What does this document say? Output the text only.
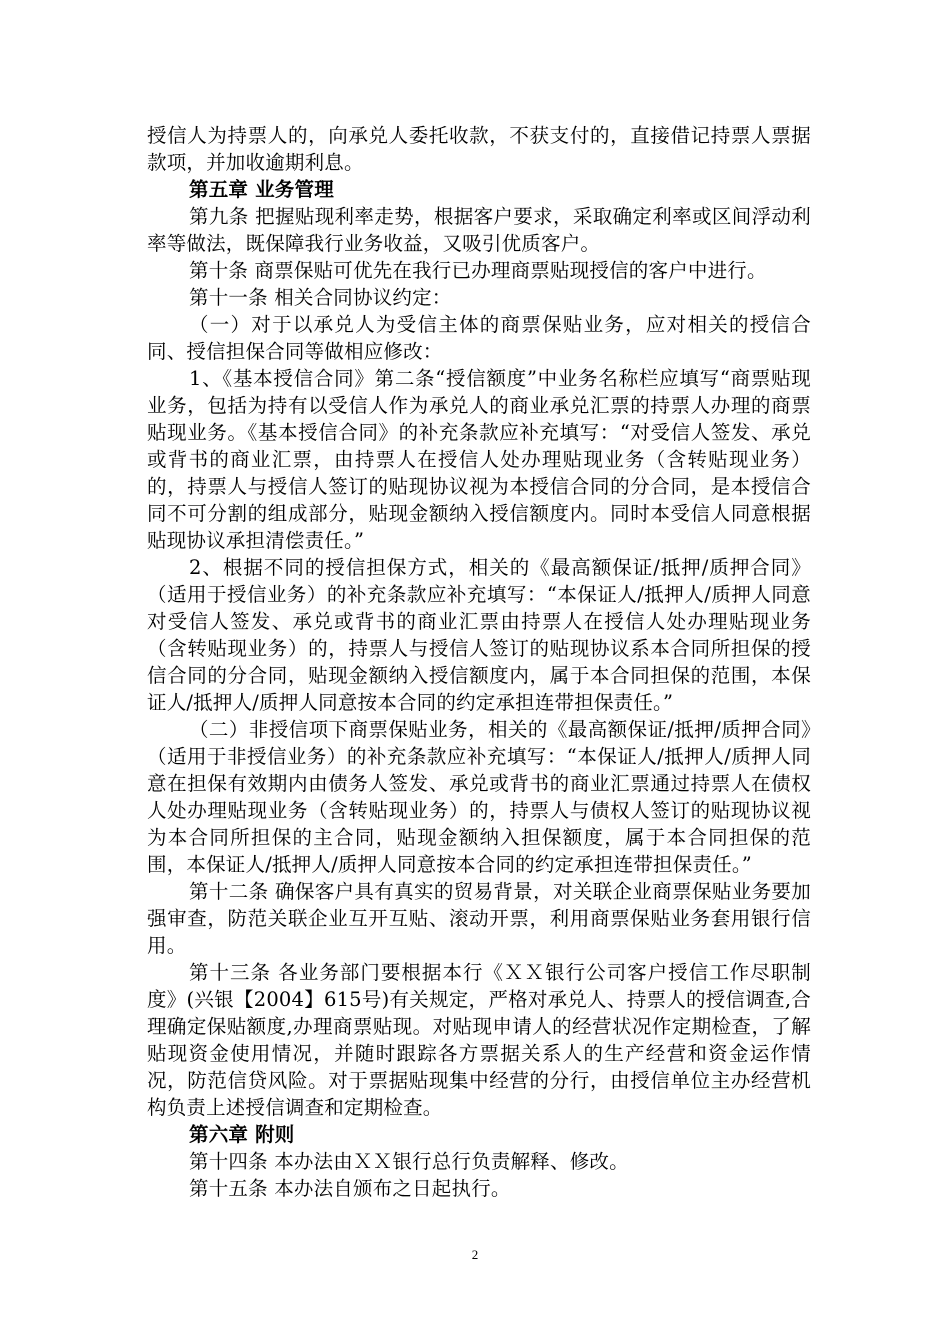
授信人为持票人的，向承兑人委托收款，不获支付的，直接借记持票人票据款项，并加收逾期利息。

第五章 业务管理

第九条 把握贴现利率走势，根据客户要求，采取确定利率或区间浮动利率等做法，既保障我行业务收益，又吸引优质客户。

第十条 商票保贴可优先在我行已办理商票贴现授信的客户中进行。

第十一条 相关合同协议约定：

（一）对于以承兑人为受信主体的商票保贴业务，应对相关的授信合同、授信担保合同等做相应修改：

1、《基本授信合同》第二条“授信额度”中业务名称栏应填写“商票贴现业务，包括为持有以受信人作为承兑人的商业承兑汇票的持票人办理的商票贴现业务。《基本授信合同》的补充条款应补充填写：“对受信人签发、承兑或背书的商业汇票，由持票人在授信人处办理贴现业务（含转贴现业务）的，持票人与授信人签订的贴现协议视为本授信合同的分合同，是本授信合同不可分割的组成部分，贴现金额纳入授信额度内。同时本受信人同意根据贴现协议承担清偿责任。”

2、根据不同的授信担保方式，相关的《最高额保证/抵押/质押合同》（适用于授信业务）的补充条款应补充填写：“本保证人/抵押人/质押人同意对受信人签发、承兑或背书的商业汇票由持票人在授信人处办理贴现业务（含转贴现业务）的，持票人与授信人签订的贴现协议系本合同所担保的授信合同的分合同，贴现金额纳入授信额度内，属于本合同担保的范围，本保证人/抵押人/质押人同意按本合同的约定承担连带担保责任。”

（二）非授信项下商票保贴业务，相关的《最高额保证/抵押/质押合同》（适用于非授信业务）的补充条款应补充填写：“本保证人/抵押人/质押人同意在担保有效期内由债务人签发、承兑或背书的商业汇票通过持票人在债权人处办理贴现业务（含转贴现业务）的，持票人与债权人签订的贴现协议视为本合同所担保的主合同，贴现金额纳入担保额度，属于本合同担保的范围，本保证人/抵押人/质押人同意按本合同的约定承担连带担保责任。”

第十二条 确保客户具有真实的贸易背景，对关联企业商票保贴业务要加强审查，防范关联企业互开互贴、滚动开票，利用商票保贴业务套用银行信用。

第十三条 各业务部门要根据本行《ＸＸ银行公司客户授信工作尽职制度》(兴银【2004】615号)有关规定，严格对承兑人、持票人的授信调查,合理确定保贴额度,办理商票贴现。对贴现申请人的经营状况作定期检查，了解贴现资金使用情况，并随时跟踪各方票据关系人的生产经营和资金运作情况，防范信贷风险。对于票据贴现集中经营的分行，由授信单位主办经营机构负责上述授信调查和定期检查。

第六章 附则

第十四条 本办法由ＸＸ银行总行负责解释、修改。

第十五条 本办法自颁布之日起执行。

2
